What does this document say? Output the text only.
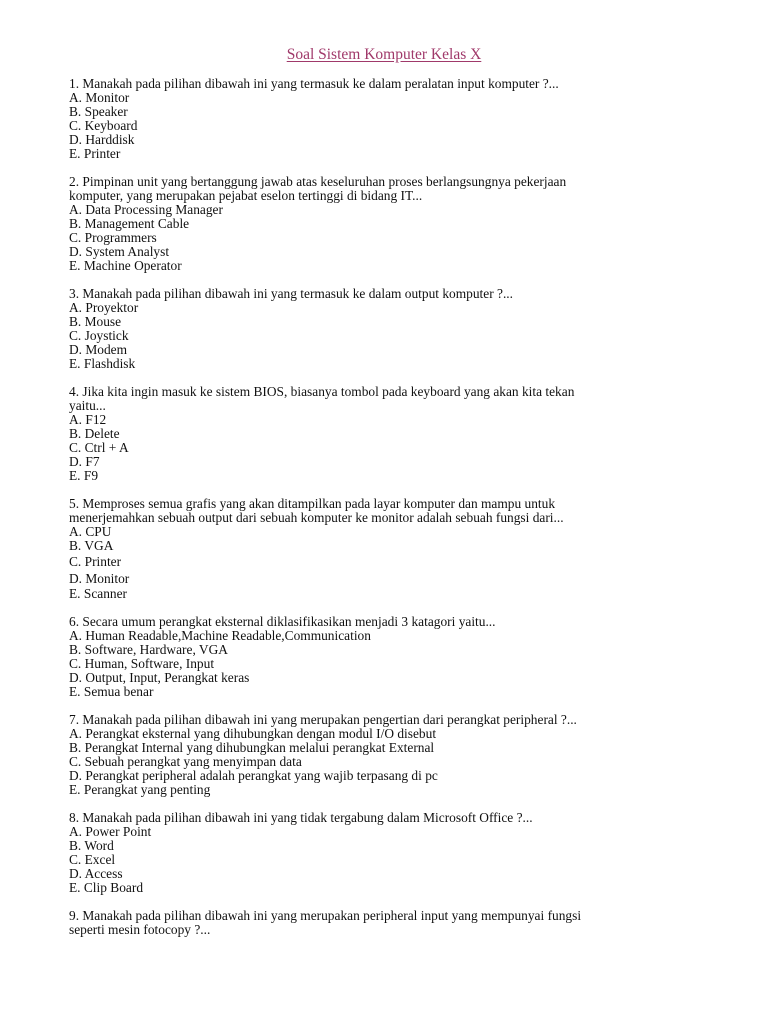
Soal Sistem Komputer Kelas X
1. Manakah pada pilihan dibawah ini yang termasuk ke dalam peralatan input komputer ?...
A. Monitor
B. Speaker
C. Keyboard
D. Harddisk
E. Printer
2. Pimpinan unit yang bertanggung jawab atas keseluruhan proses berlangsungnya pekerjaan
komputer, yang merupakan pejabat eselon tertinggi di bidang IT...
A. Data Processing Manager
B. Management Cable
C. Programmers
D. System Analyst
E. Machine Operator
3. Manakah pada pilihan dibawah ini yang termasuk ke dalam output komputer ?...
A. Proyektor
B. Mouse
C. Joystick
D. Modem
E. Flashdisk
4. Jika kita ingin masuk ke sistem BIOS, biasanya tombol pada keyboard yang akan kita tekan
yaitu...
A. F12
B. Delete
C. Ctrl + A
D. F7
E. F9
5. Memproses semua grafis yang akan ditampilkan pada layar komputer dan mampu untuk
menerjemahkan sebuah output dari sebuah komputer ke monitor adalah sebuah fungsi dari...
A. CPU
B. VGA
C. Printer
D. Monitor
E. Scanner
6. Secara umum perangkat eksternal diklasifikasikan menjadi 3 katagori yaitu...
A. Human Readable,Machine Readable,Communication
B. Software, Hardware, VGA
C. Human, Software, Input
D. Output, Input, Perangkat keras
E. Semua benar
7. Manakah pada pilihan dibawah ini yang merupakan pengertian dari perangkat peripheral ?...
A. Perangkat eksternal yang dihubungkan dengan modul I/O disebut
B. Perangkat Internal yang dihubungkan melalui perangkat External
C. Sebuah perangkat yang menyimpan data
D. Perangkat peripheral adalah perangkat yang wajib terpasang di pc
E. Perangkat yang penting
8. Manakah pada pilihan dibawah ini yang tidak tergabung dalam Microsoft Office ?...
A. Power Point
B. Word
C. Excel
D. Access
E. Clip Board
9. Manakah pada pilihan dibawah ini yang merupakan peripheral input yang mempunyai fungsi
seperti mesin fotocopy ?...
